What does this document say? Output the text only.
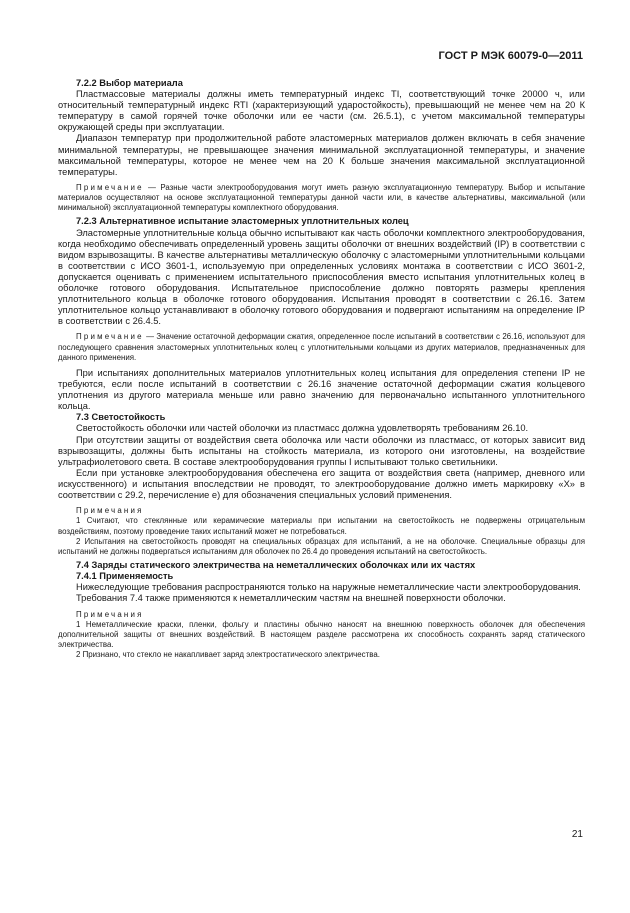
ГОСТ Р МЭК 60079-0—2011
7.2.2 Выбор материала
Пластмассовые материалы должны иметь температурный индекс TI, соответствующий точке 20000 ч, или относительный температурный индекс RTI (характеризующий ударостойкость), превышающий не менее чем на 20 К температуру в самой горячей точке оболочки или ее части (см. 26.5.1), с учетом максимальной температуры окружающей среды при эксплуатации.
Диапазон температур при продолжительной работе эластомерных материалов должен включать в себя значение минимальной температуры, не превышающее значения минимальной эксплуатационной температуры, и значение максимальной температуры, которое не менее чем на 20 К больше значения максимальной эксплуатационной температуры.
Примечание — Разные части электрооборудования могут иметь разную эксплуатационную температуру. Выбор и испытание материалов осуществляют на основе эксплуатационной температуры данной части или, в качестве альтернативы, максимальной (или минимальной) эксплуатационной температуры комплектного оборудования.
7.2.3 Альтернативное испытание эластомерных уплотнительных колец
Эластомерные уплотнительные кольца обычно испытывают как часть оболочки комплектного электрооборудования, когда необходимо обеспечивать определенный уровень защиты оболочки от внешних воздействий (IP) в соответствии с видом взрывозащиты. В качестве альтернативы металлическую оболочку с эластомерными уплотнительными кольцами в соответствии с ИСО 3601-1, используемую при определенных условиях монтажа в соответствии с ИСО 3601-2, допускается оценивать с применением испытательного приспособления вместо испытания уплотнительных колец в оболочке готового оборудования. Испытательное приспособление должно повторять размеры крепления уплотнительного кольца в оболочке готового оборудования. Испытания проводят в соответствии с 26.16. Затем уплотнительное кольцо устанавливают в оболочку готового оборудования и подвергают испытаниям на определение IP в соответствии с 26.4.5.
Примечание — Значение остаточной деформации сжатия, определенное после испытаний в соответствии с 26.16, используют для последующего сравнения эластомерных уплотнительных колец с уплотнительными кольцами из других материалов, предназначенных для данного применения.
При испытаниях дополнительных материалов уплотнительных колец испытания для определения степени IP не требуются, если после испытаний в соответствии с 26.16 значение остаточной деформации сжатия кольцевого уплотнения из другого материала меньше или равно значению для первоначально испытанного уплотнительного кольца.
7.3 Светостойкость
Светостойкость оболочки или частей оболочки из пластмасс должна удовлетворять требованиям 26.10.
При отсутствии защиты от воздействия света оболочка или части оболочки из пластмасс, от которых зависит вид взрывозащиты, должны быть испытаны на стойкость материала, из которого они изготовлены, на воздействие ультрафиолетового света. В составе электрооборудования группы I испытывают только светильники.
Если при установке электрооборудования обеспечена его защита от воздействия света (например, дневного или искусственного) и испытания впоследствии не проводят, то электрооборудование должно иметь маркировку «X» в соответствии с 29.2, перечисление е) для обозначения специальных условий применения.
Примечания
1 Считают, что стеклянные или керамические материалы при испытании на светостойкость не подвержены отрицательным воздействиям, поэтому проведение таких испытаний может не потребоваться.
2 Испытания на светостойкость проводят на специальных образцах для испытаний, а не на оболочке. Специальные образцы для испытаний не должны подвергаться испытаниям для оболочек по 26.4 до проведения испытаний на светостойкость.
7.4 Заряды статического электричества на неметаллических оболочках или их частях
7.4.1 Применяемость
Нижеследующие требования распространяются только на наружные неметаллические части электрооборудования.
Требования 7.4 также применяются к неметаллическим частям на внешней поверхности оболочки.
Примечания
1 Неметаллические краски, пленки, фольгу и пластины обычно наносят на внешнюю поверхность оболочек для обеспечения дополнительной защиты от внешних воздействий. В настоящем разделе рассмотрена их способность сохранять заряд статического электричества.
2 Признано, что стекло не накапливает заряд электростатического электричества.
21
